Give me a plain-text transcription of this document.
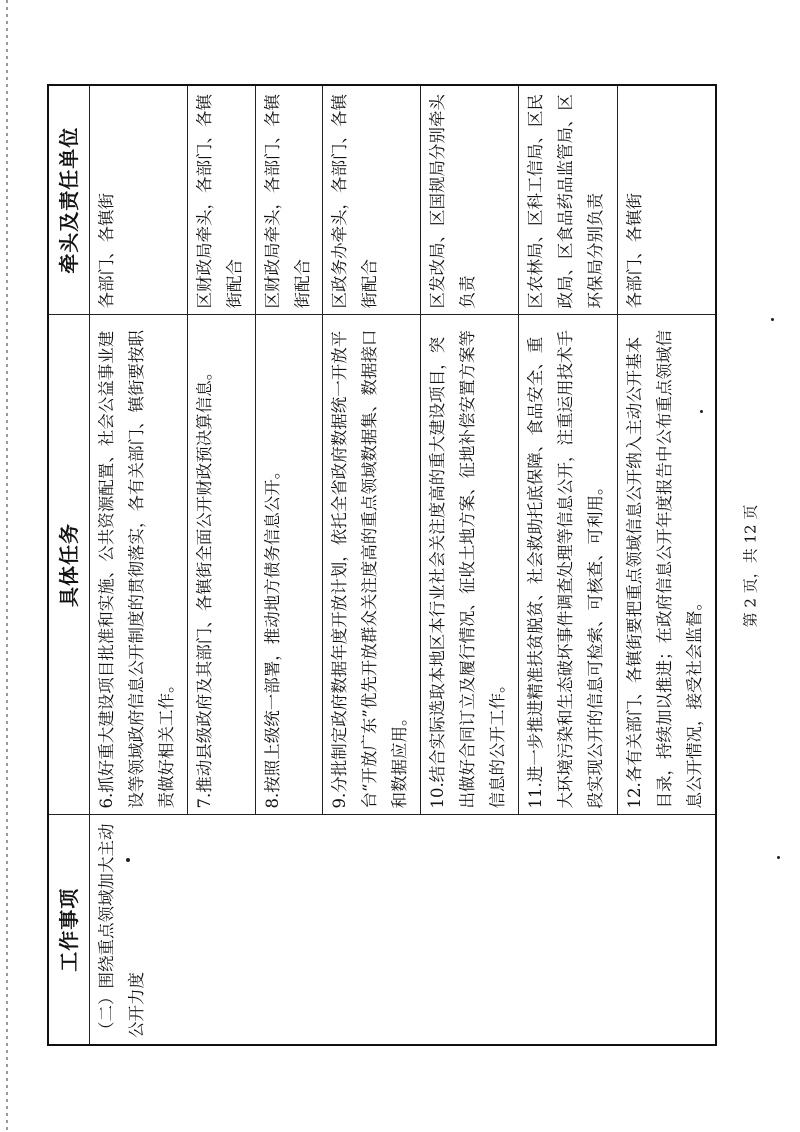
工作事项	具体任务	牵头及责任单位
（二）围绕重点领域加大主动公开力度	6.抓好重大建设项目批准和实施、公共资源配置、社会公益事业建设等领域政府信息公开制度的贯彻落实，各有关部门、镇街要按职责做好相关工作。	各部门、各镇街
	7.推动县级政府及其部门、各镇街全面公开财政预决算信息。	区财政局牵头，各部门、各镇街配合
	8.按照上级统一部署，推动地方债务信息公开。	区财政局牵头，各部门、各镇街配合
	9.分批制定政府数据年度开放计划，依托全省政府数据统一开放平台“开放广东”优先开放群众关注度高的重点领域数据集、数据接口和数据应用。	区政务办牵头，各部门、各镇街配合
	10.结合实际选取本地区本行业社会关注度高的重大建设项目，突出做好合同订立及履行情况、征收土地方案、征地补偿安置方案等信息的公开工作。	区发改局、区国规局分别牵头负责
	11.进一步推进精准扶贫脱贫、社会救助托底保障、食品安全、重大环境污染和生态破坏事件调查处理等信息公开，注重运用技术手段实现公开的信息可检索、可核查、可利用。	区农林局、区科工信局、区民政局、区食品药品监管局、区环保局分别负责
	12.各有关部门、各镇街要把重点领域信息公开纳入主动公开基本目录，持续加以推进；在政府信息公开年度报告中公布重点领域信息公开情况，接受社会监督。	各部门、各镇街
第 2 页，共 12 页
